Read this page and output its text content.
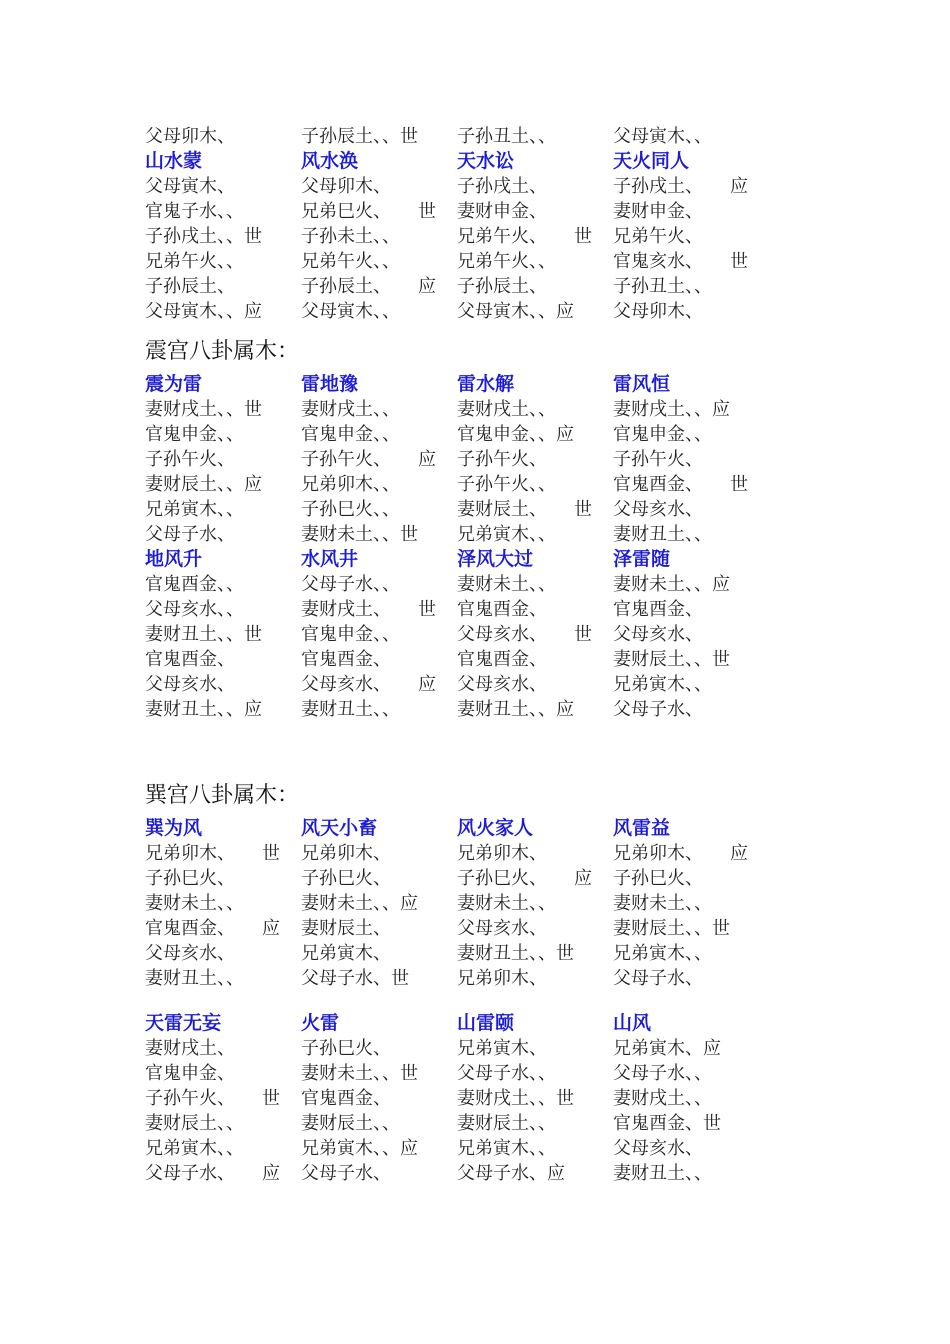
父母卯木、	子孙辰土、、世	子孙丑土、、	父母寅木、、
山水蒙	风水涣	天水讼	天火同人
父母寅木、	父母卯木、	子孙戌土、	子孙戌土、　　应
官鬼子水、、	兄弟巳火、　　世	妻财申金、	妻财申金、
子孙戌土、、世	子孙未土、、	兄弟午火、　　世	兄弟午火、
兄弟午火、、	兄弟午火、、	兄弟午火、、	官鬼亥水、　　世
子孙辰土、	子孙辰土、　　应	子孙辰土、	子孙丑土、、
父母寅木、、应	父母寅木、、	父母寅木、、应	父母卯木、
震宫八卦属木：
震为雷	雷地豫	雷水解	雷风恒
妻财戌土、、世	妻财戌土、、	妻财戌土、、	妻财戌土、、应
官鬼申金、、	官鬼申金、、	官鬼申金、、应	官鬼申金、、
子孙午火、	子孙午火、　　应	子孙午火、	子孙午火、
妻财辰土、、应	兄弟卯木、、	子孙午火、、	官鬼酉金、　　世
兄弟寅木、、	子孙巳火、、	妻财辰土、　　世	父母亥水、
父母子水、	妻财未土、、世	兄弟寅木、、	妻财丑土、、
地风升	水风井	泽风大过	泽雷随
官鬼酉金、、	父母子水、、	妻财未土、、	妻财未土、、应
父母亥水、、	妻财戌土、　　世	官鬼酉金、	官鬼酉金、
妻财丑土、、世	官鬼申金、、	父母亥水、　　世	父母亥水、
官鬼酉金、	官鬼酉金、	官鬼酉金、	妻财辰土、、世
父母亥水、	父母亥水、　　应	父母亥水、	兄弟寅木、、
妻财丑土、、应	妻财丑土、、	妻财丑土、、应	父母子水、
巽宫八卦属木：
巽为风	风天小畜	风火家人	风雷益
兄弟卯木、　　世	兄弟卯木、	兄弟卯木、	兄弟卯木、　　应
子孙巳火、	子孙巳火、	子孙巳火、　　应	子孙巳火、
妻财未土、、	妻财未土、、应	妻财未土、、	妻财未土、、
官鬼酉金、　　应	妻财辰土、	父母亥水、	妻财辰土、、世
父母亥水、	兄弟寅木、	妻财丑土、、世	兄弟寅木、、
妻财丑土、、	父母子水、世	兄弟卯木、	父母子水、
天雷无妄	火雷	山雷颐	山风
妻财戌土、	子孙巳火、	兄弟寅木、	兄弟寅木、应
官鬼申金、	妻财未土、、世	父母子水、、	父母子水、、
子孙午火、　　世	官鬼酉金、	妻财戌土、、世	妻财戌土、、
妻财辰土、、	妻财辰土、、	妻财辰土、、	官鬼酉金、世
兄弟寅木、、	兄弟寅木、、应	兄弟寅木、、	父母亥水、
父母子水、　　应	父母子水、	父母子水、应	妻财丑土、、
